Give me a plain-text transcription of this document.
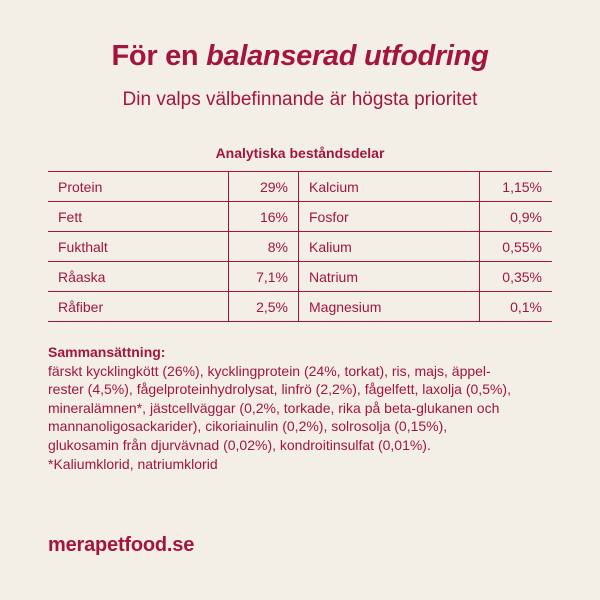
För en balanserad utfodring
Din valps välbefinnande är högsta prioritet
Analytiska beståndsdelar
Protein	29%	Kalcium	1,15%
Fett	16%	Fosfor	0,9%
Fukthalt	8%	Kalium	0,55%
Råaska	7,1%	Natrium	0,35%
Råfiber	2,5%	Magnesium	0,1%
Sammansättning:
färskt kycklingkött (26%), kycklingprotein (24%, torkat), ris, majs, äppel-
rester (4,5%), fågelproteinhydrolysat, linfrö (2,2%), fågelfett, laxolja (0,5%),
mineralämnen*, jästcellväggar (0,2%, torkade, rika på beta-glukanen och
mannanoligosackarider), cikoriainulin (0,2%), solrosolja (0,15%),
glukosamin från djurvävnad (0,02%), kondroitinsulfat (0,01%).
*Kaliumklorid, natriumklorid
merapetfood.se
